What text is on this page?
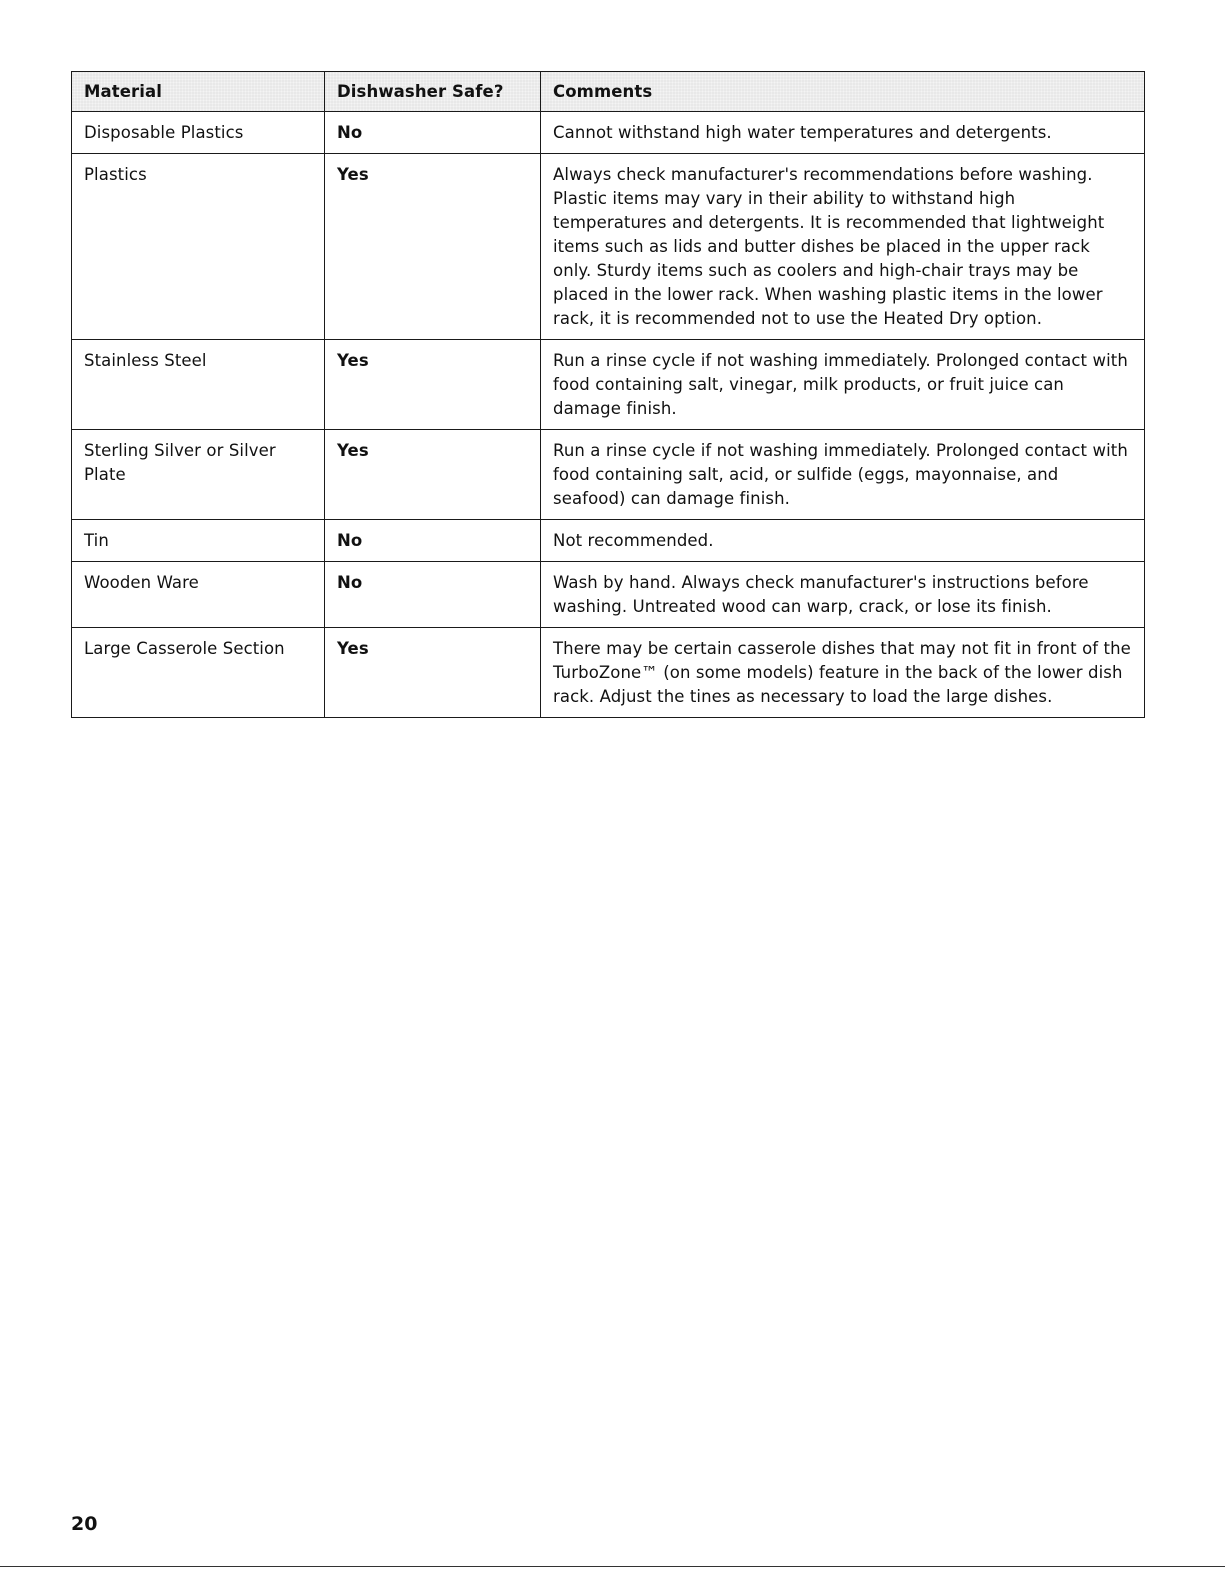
Material	Dishwasher Safe?	Comments
Disposable Plastics	No	Cannot withstand high water temperatures and detergents.
Plastics	Yes	Always check manufacturer's recommendations before washing. Plastic items may vary in their ability to withstand high temperatures and detergents. It is recommended that lightweight items such as lids and butter dishes be placed in the upper rack only. Sturdy items such as coolers and high-chair trays may be placed in the lower rack. When washing plastic items in the lower rack, it is recommended not to use the Heated Dry option.
Stainless Steel	Yes	Run a rinse cycle if not washing immediately. Prolonged contact with food containing salt, vinegar, milk products, or fruit juice can damage finish.
Sterling Silver or Silver Plate	Yes	Run a rinse cycle if not washing immediately. Prolonged contact with food containing salt, acid, or sulfide (eggs, mayonnaise, and seafood) can damage finish.
Tin	No	Not recommended.
Wooden Ware	No	Wash by hand. Always check manufacturer's instructions before washing. Untreated wood can warp, crack, or lose its finish.
Large Casserole Section	Yes	There may be certain casserole dishes that may not fit in front of the TurboZone™ (on some models) feature in the back of the lower dish rack. Adjust the tines as necessary to load the large dishes.
20
